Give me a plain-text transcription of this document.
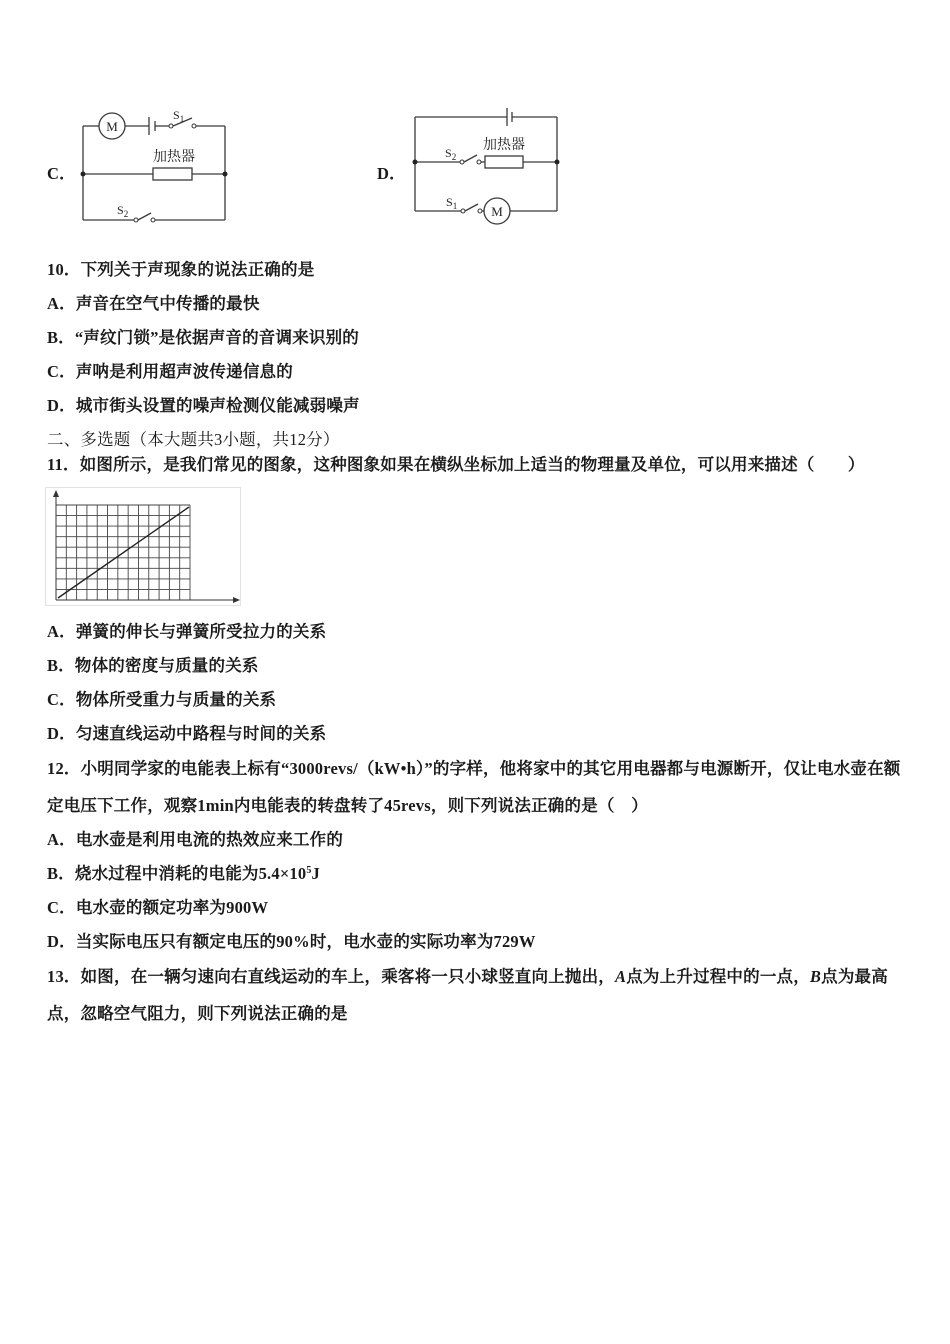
C．
M
$S_1$
加热器
$S_2$
D．
加热器
$S_2$
M
$S_1$
10．下列关于声现象的说法正确的是
A．声音在空气中传播的最快
B．“声纹门锁”是依据声音的音调来识别的
C．声呐是利用超声波传递信息的
D．城市街头设置的噪声检测仪能减弱噪声
二、多选题（本大题共3小题，共12分）
11．如图所示，是我们常见的图象，这种图象如果在横纵坐标加上适当的物理量及单位，可以用来描述（　　）
A．弹簧的伸长与弹簧所受拉力的关系
B．物体的密度与质量的关系
C．物体所受重力与质量的关系
D．匀速直线运动中路程与时间的关系
12．小明同学家的电能表上标有“3000revs/（kW•h）”的字样，他将家中的其它用电器都与电源断开，仅让电水壶在额
定电压下工作，观察1min内电能表的转盘转了45revs，则下列说法正确的是（　）
A．电水壶是利用电流的热效应来工作的
B．烧水过程中消耗的电能为$5.4\times 10^5J$
C．电水壶的额定功率为900W
D．当实际电压只有额定电压的90%时，电水壶的实际功率为729W
13．如图，在一辆匀速向右直线运动的车上，乘客将一只小球竖直向上抛出，A点为上升过程中的一点，B点为最高
点，忽略空气阻力，则下列说法正确的是
